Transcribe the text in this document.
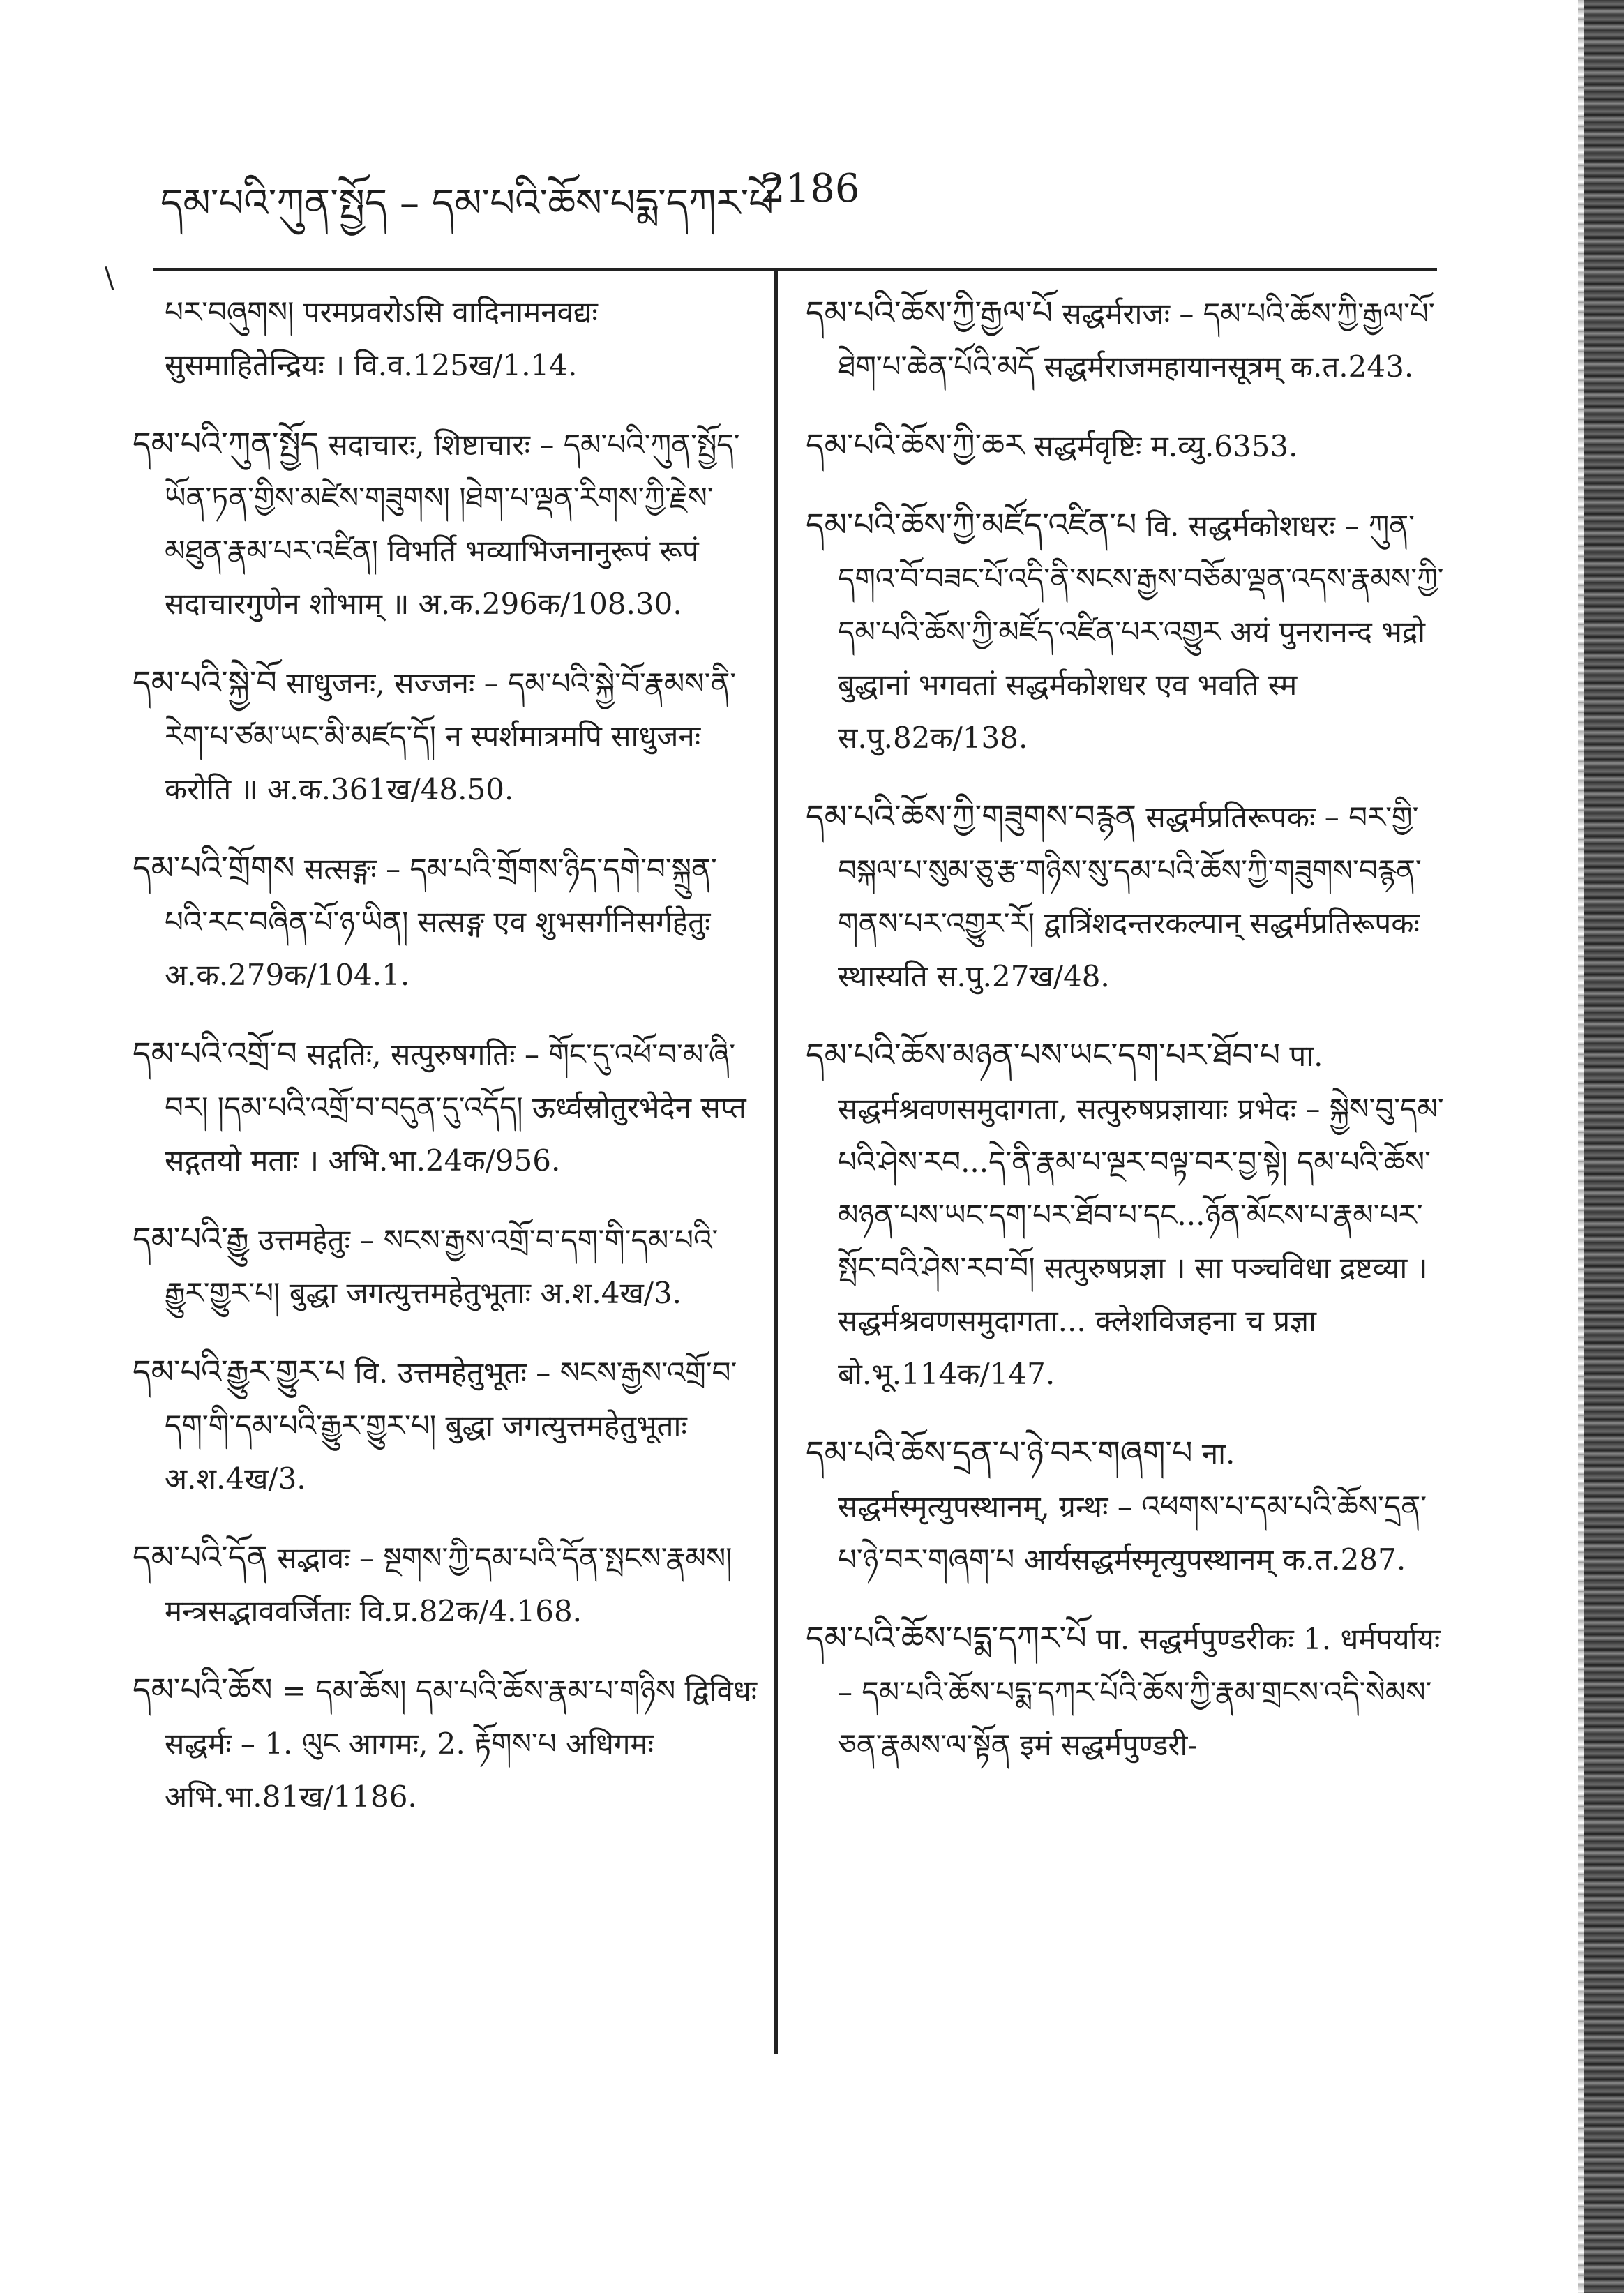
དམ་པའི་ཀུན་སྤྱོད – དམ་པའི་ཆོས་པདྨ་དཀར་པོ
2186
\

པར་བཞུགས། परमप्रवरोऽसि वादिनामनवद्यः सुसमाहितेन्द्रियः । वि.व.125ख/1.14.

དམ་པའི་ཀུན་སྤྱོད सदाचारः, शिष्टाचारः – དམ་པའི་ཀུན་སྤྱོད་ཡོན་ཏན་གྱིས་མཛེས་གཟུགས། །ཐེག་པ་ལྡན་རིགས་ཀྱི་རྗེས་མཐུན་རྣམ་པར་འཛིན། विभर्ति भव्याभिजनानुरूपं रूपं सदाचारगुणेन शोभाम् ॥ अ.क.296क/108.30.

དམ་པའི་སྐྱེ་བོ साधुजनः, सज्जनः – དམ་པའི་སྐྱེ་བོ་རྣམས་ནི་རེག་པ་ཙམ་ཡང་མི་མཛད་དོ། न स्पर्शमात्रमपि साधुजनः करोति ॥ अ.क.361ख/48.50.

དམ་པའི་གྲོགས सत्सङ्गः – དམ་པའི་གྲོགས་ཉིད་དགེ་བ་སྐྲུན་པའི་རང་བཞིན་པོ་ཉ་ཡིན། सत्सङ्ग एव शुभसर्गनिसर्गहेतुः अ.क.279क/104.1.

དམ་པའི་འགྲོ་བ सद्गतिः, सत्पुरुषगतिः – གོང་དུ་འཕོ་བ་མ་ཞི་བར། །དམ་པའི་འགྲོ་བ་བདུན་དུ་འདོད། ऊर्ध्वस्रोतुरभेदेन सप्त सद्गतयो मताः । अभि.भा.24क/956.

དམ་པའི་རྒྱུ उत्तमहेतुः – སངས་རྒྱས་འགྲོ་བ་དག་གི་དམ་པའི་རྒྱུར་གྱུར་པ། बुद्धा जगत्युत्तमहेतुभूताः अ.श.4ख/3.

དམ་པའི་རྒྱུར་གྱུར་པ वि. उत्तमहेतुभूतः – སངས་རྒྱས་འགྲོ་བ་དག་གི་དམ་པའི་རྒྱུར་གྱུར་པ། बुद्धा जगत्युत्तमहेतुभूताः अ.श.4ख/3.

དམ་པའི་དོན सद्भावः – སྔགས་ཀྱི་དམ་པའི་དོན་སྤངས་རྣམས། मन्त्रसद्भाववर्जिताः वि.प्र.82क/4.168.

དམ་པའི་ཆོས = དམ་ཆོས། དམ་པའི་ཆོས་རྣམ་པ་གཉིས द्विविधः सद्धर्मः – 1. ལུང आगमः, 2. རྟོགས་པ अधिगमः अभि.भा.81ख/1186.

དམ་པའི་ཆོས་ཀྱི་རྒྱལ་པོ सद्धर्मराजः – དམ་པའི་ཆོས་ཀྱི་རྒྱལ་པོ་ཐེག་པ་ཆེན་པོའི་མདོ सद्धर्मराजमहायानसूत्रम् क.त.243.

དམ་པའི་ཆོས་ཀྱི་ཆར सद्धर्मवृष्टिः म.व्यु.6353.

དམ་པའི་ཆོས་ཀྱི་མཛོད་འཛིན་པ वि. सद्धर्मकोशधरः – ཀུན་དགའ་བོ་བཟང་པོ་འདི་ནི་སངས་རྒྱས་བཅོམ་ལྡན་འདས་རྣམས་ཀྱི་དམ་པའི་ཆོས་ཀྱི་མཛོད་འཛིན་པར་འགྱུར अयं पुनरानन्द भद्रो बुद्धानां भगवतां सद्धर्मकोशधर एव भवति स्म स.पु.82क/138.

དམ་པའི་ཆོས་ཀྱི་གཟུགས་བརྙན सद्धर्मप्रतिरूपकः – བར་གྱི་བསྐལ་པ་སུམ་ཅུ་རྩ་གཉིས་སུ་དམ་པའི་ཆོས་ཀྱི་གཟུགས་བརྙན་གནས་པར་འགྱུར་རོ། द्वात्रिंशदन्तरकल्पान् सद्धर्मप्रतिरूपकः स्थास्यति स.पु.27ख/48.

དམ་པའི་ཆོས་མཉན་པས་ཡང་དག་པར་ཐོབ་པ पा. सद्धर्मश्रवणसमुदागता, सत्पुरुषप्रज्ञायाः प्रभेदः – སྐྱེས་བུ་དམ་པའི་ཤེས་རབ...དེ་ནི་རྣམ་པ་ལྔར་བལྟ་བར་བྱ་སྟེ། དམ་པའི་ཆོས་མཉན་པས་ཡང་དག་པར་ཐོབ་པ་དང...ཉོན་མོངས་པ་རྣམ་པར་སྤོང་བའི་ཤེས་རབ་བོ། सत्पुरुषप्रज्ञा । सा पञ्चविधा द्रष्टव्या । सद्धर्मश्रवणसमुदागता... क्लेशविजहना च प्रज्ञा बो.भू.114क/147.

དམ་པའི་ཆོས་དྲན་པ་ཉེ་བར་གཞག་པ ना. सद्धर्मस्मृत्युपस्थानम्, ग्रन्थः – འཕགས་པ་དམ་པའི་ཆོས་དྲན་པ་ཉེ་བར་གཞག་པ आर्यसद्धर्मस्मृत्युपस्थानम् क.त.287.

དམ་པའི་ཆོས་པདྨ་དཀར་པོ पा. सद्धर्मपुण्डरीकः 1. धर्मपर्यायः – དམ་པའི་ཆོས་པདྨ་དཀར་པོའི་ཆོས་ཀྱི་རྣམ་གྲངས་འདི་སེམས་ཅན་རྣམས་ལ་སྟོན इमं सद्धर्मपुण्डरी-
